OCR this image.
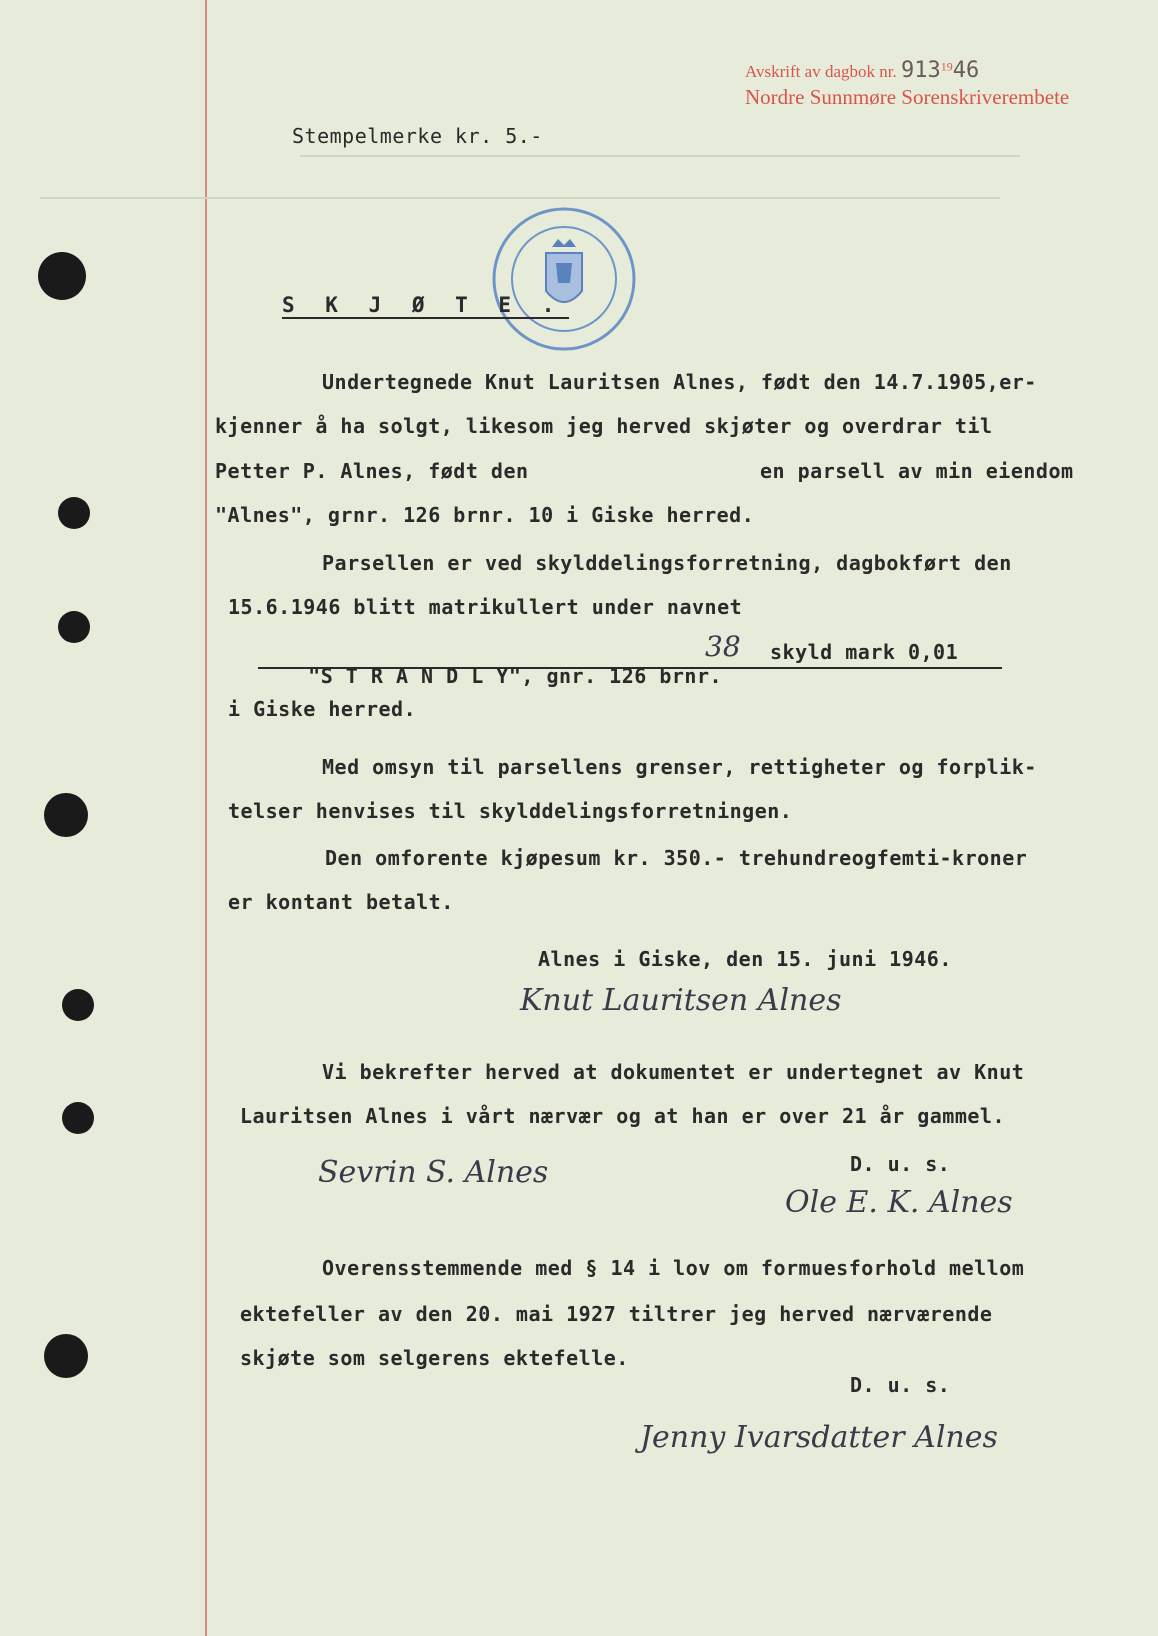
Avskrift av dagbok nr. $913^{19}46$
Nordre Sunnmøre Sorenskriverembete
Stempelmerke kr. 5.-
S K J Ø T E .
Undertegnede Knut Lauritsen Alnes, født den 14.7.1905,er-
kjenner å ha solgt, likesom jeg herved skjøter og overdrar til
Petter P. Alnes, født den	en parsell av min eiendom
"Alnes", grnr. 126 brnr. 10 i Giske herred.
Parsellen er ved skylddelingsforretning, dagbokført den
15.6.1946 blitt matrikullert under navnet

"S T R A N D L Y", gnr. 126 brnr.

skyld mark 0,01

38
i Giske herred.
Med omsyn til parsellens grenser, rettigheter og forplik-
telser henvises til skylddelingsforretningen.
Den omforente kjøpesum kr. 350.- trehundreogfemti-kroner
er kontant betalt.
Alnes i Giske, den 15. juni 1946.
Knut Lauritsen Alnes
Vi bekrefter herved at dokumentet er undertegnet av Knut
Lauritsen Alnes i vårt nærvær og at han er over 21 år gammel.
D. u. s.
Sevrin S. Alnes
Ole E. K. Alnes
Overensstemmende med § 14 i lov om formuesforhold mellom
ektefeller av den 20. mai 1927 tiltrer jeg herved nærværende
skjøte som selgerens ektefelle.
D. u. s.
Jenny Ivarsdatter Alnes
